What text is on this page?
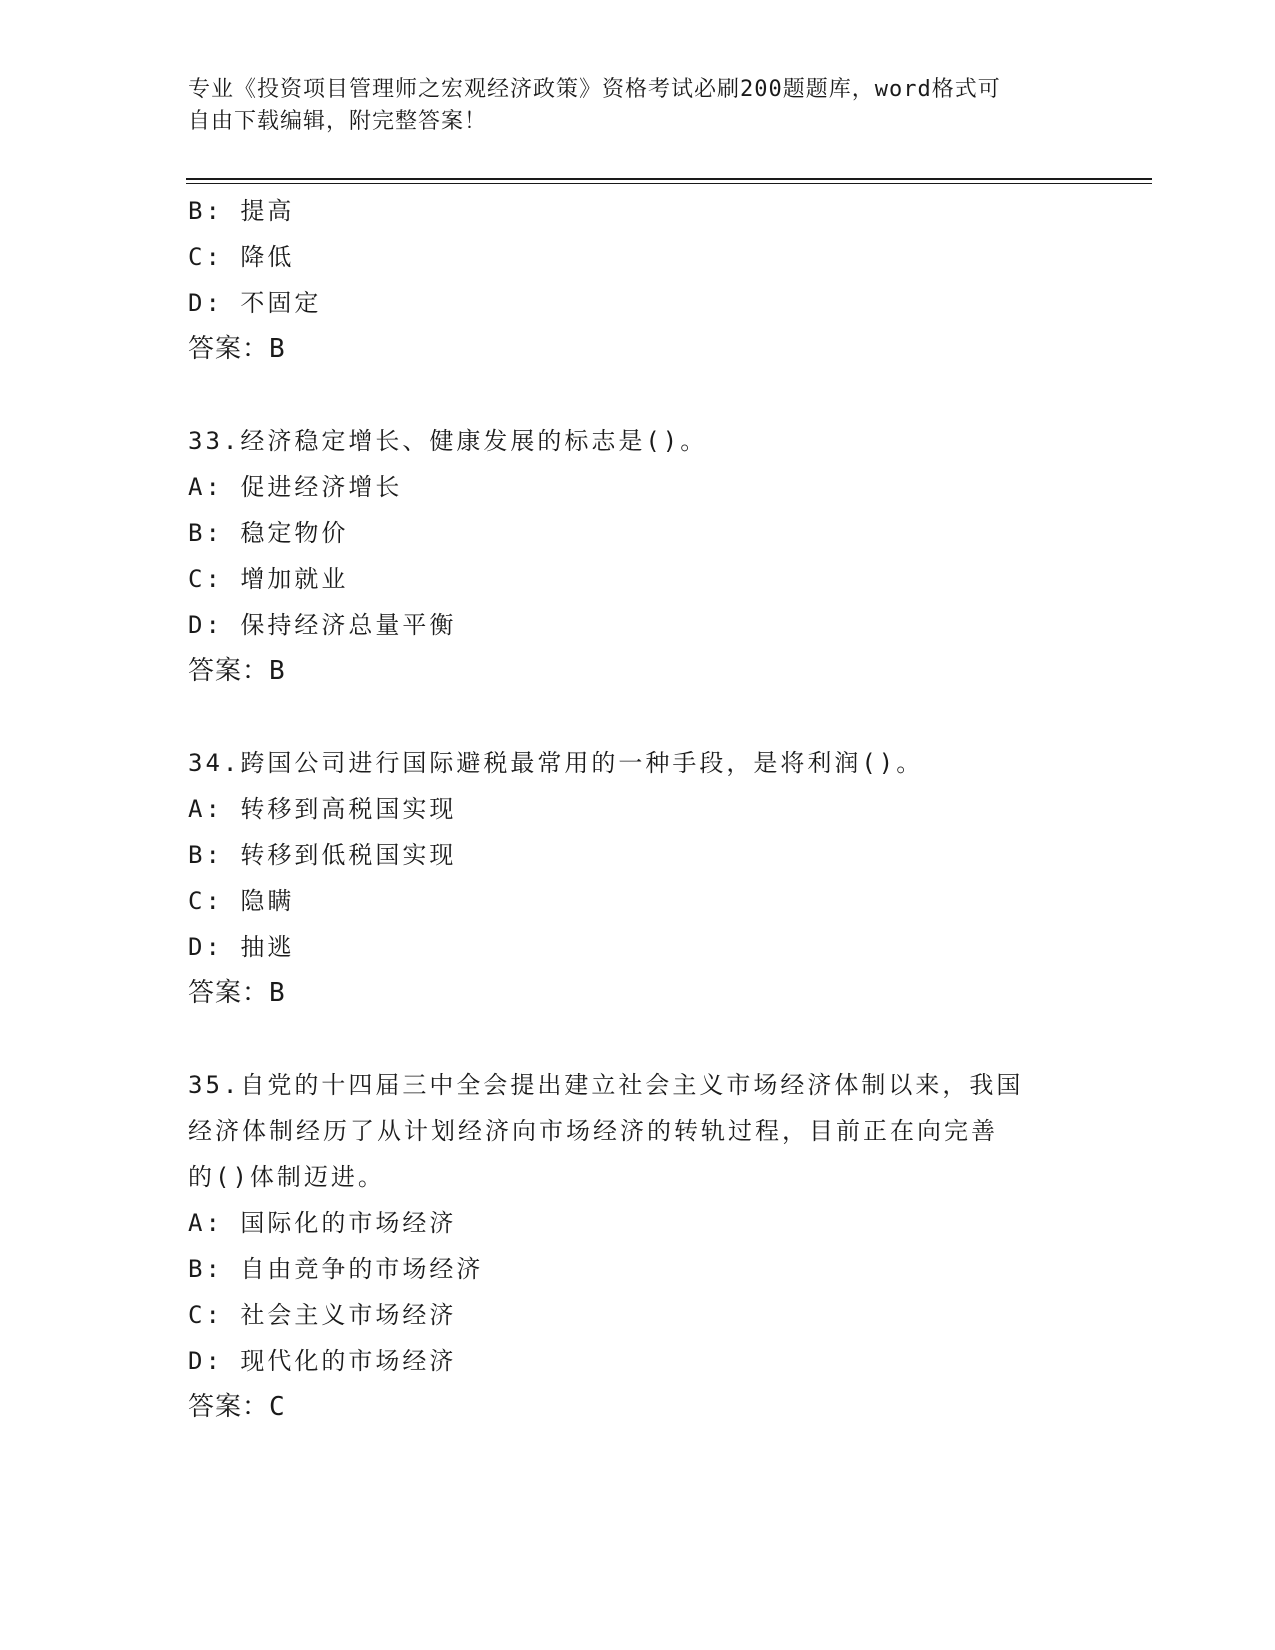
专业《投资项目管理师之宏观经济政策》资格考试必刷200题题库，word格式可
自由下载编辑，附完整答案！
B: 提高
C: 降低
D: 不固定
答案：B
33.经济稳定增长、健康发展的标志是()。
A: 促进经济增长
B: 稳定物价
C: 增加就业
D: 保持经济总量平衡
答案：B
34.跨国公司进行国际避税最常用的一种手段，是将利润()。
A: 转移到高税国实现
B: 转移到低税国实现
C: 隐瞒
D: 抽逃
答案：B
35.自党的十四届三中全会提出建立社会主义市场经济体制以来，我国
经济体制经历了从计划经济向市场经济的转轨过程，目前正在向完善
的()体制迈进。
A: 国际化的市场经济
B: 自由竞争的市场经济
C: 社会主义市场经济
D: 现代化的市场经济
答案：C
